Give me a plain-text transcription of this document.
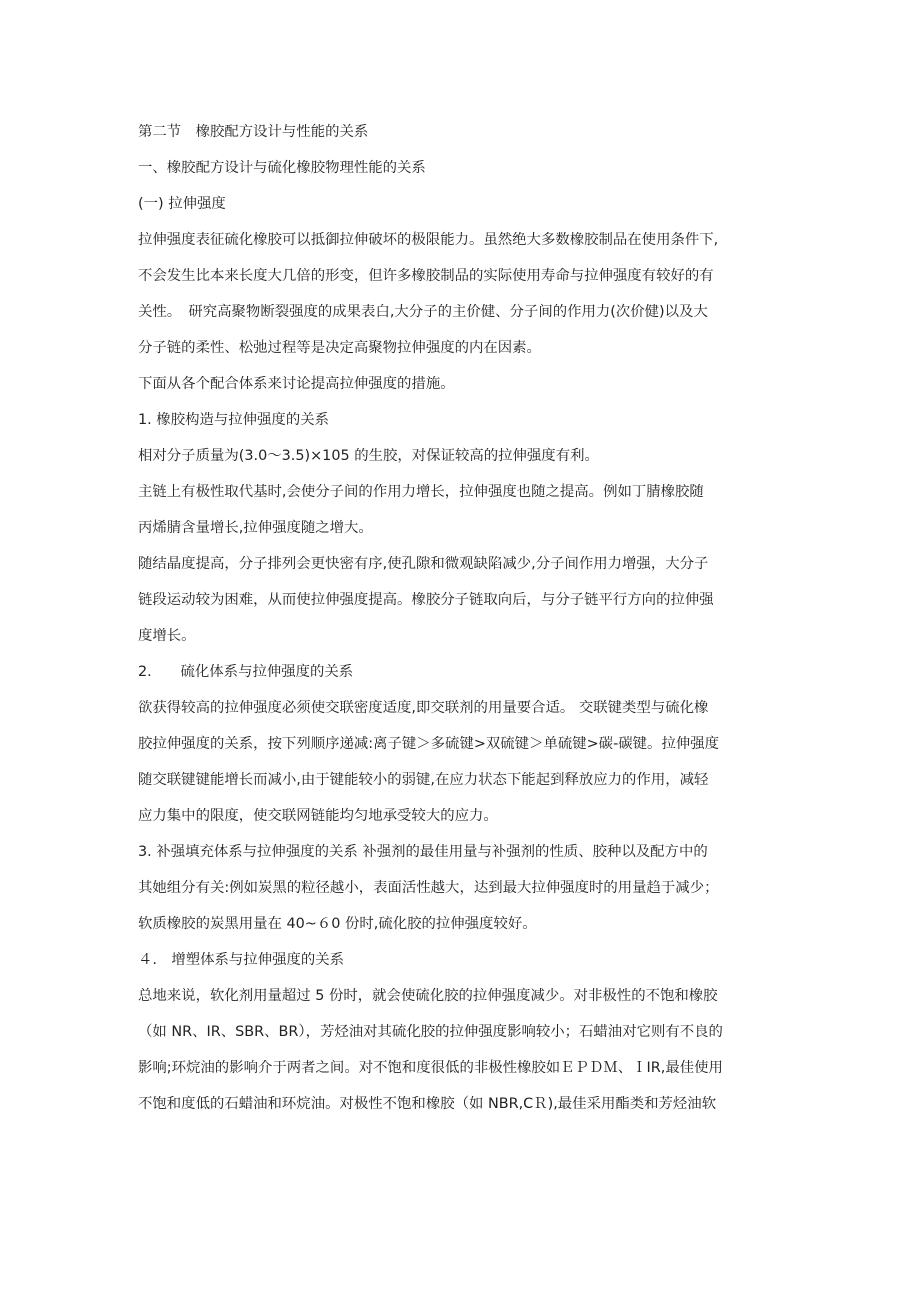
第二节　橡胶配方设计与性能的关系
一、橡胶配方设计与硫化橡胶物理性能的关系
(一) 拉伸强度
拉伸强度表征硫化橡胶可以抵御拉伸破坏的极限能力。虽然绝大多数橡胶制品在使用条件下,
不会发生比本来长度大几倍的形变，但许多橡胶制品的实际使用寿命与拉伸强度有较好的有
关性。　研究高聚物断裂强度的成果表白,大分子的主价健、分子间的作用力(次价健)以及大
分子链的柔性、松弛过程等是决定高聚物拉伸强度的内在因素。
下面从各个配合体系来讨论提高拉伸强度的措施。
1. 橡胶构造与拉伸强度的关系
相对分子质量为(3.0～3.5)×105 的生胶，对保证较高的拉伸强度有利。
主链上有极性取代基时,会使分子间的作用力增长，拉伸强度也随之提高。例如丁腈橡胶随
丙烯腈含量增长,拉伸强度随之增大。
随结晶度提高，分子排列会更快密有序,使孔隙和微观缺陷减少,分子间作用力增强，大分子
链段运动较为困难，从而使拉伸强度提高。橡胶分子链取向后，与分子链平行方向的拉伸强
度增长。
2.　　硫化体系与拉伸强度的关系
欲获得较高的拉伸强度必须使交联密度适度,即交联剂的用量要合适。 交联键类型与硫化橡
胶拉伸强度的关系，按下列顺序递减:离子键＞多硫键>双硫键＞单硫键>碳-碳键。拉伸强度
随交联键键能增长而减小,由于键能较小的弱键,在应力状态下能起到释放应力的作用，减轻
应力集中的限度，使交联网链能均匀地承受较大的应力。
3. 补强填充体系与拉伸强度的关系 补强剂的最佳用量与补强剂的性质、胶种以及配方中的
其她组分有关:例如炭黑的粒径越小，表面活性越大，达到最大拉伸强度时的用量趋于减少；
软质橡胶的炭黑用量在 40~６0 份时,硫化胶的拉伸强度较好。
４.　增塑体系与拉伸强度的关系
总地来说，软化剂用量超过 5 份时，就会使硫化胶的拉伸强度减少。对非极性的不饱和橡胶
（如 NR、IR、SBR、BR），芳烃油对其硫化胶的拉伸强度影响较小；石蜡油对它则有不良的
影响;环烷油的影响介于两者之间。对不饱和度很低的非极性橡胶如ＥＰＤＭ、ＩIR,最佳使用
不饱和度低的石蜡油和环烷油。对极性不饱和橡胶（如 NBR,CＲ),最佳采用酯类和芳烃油软
